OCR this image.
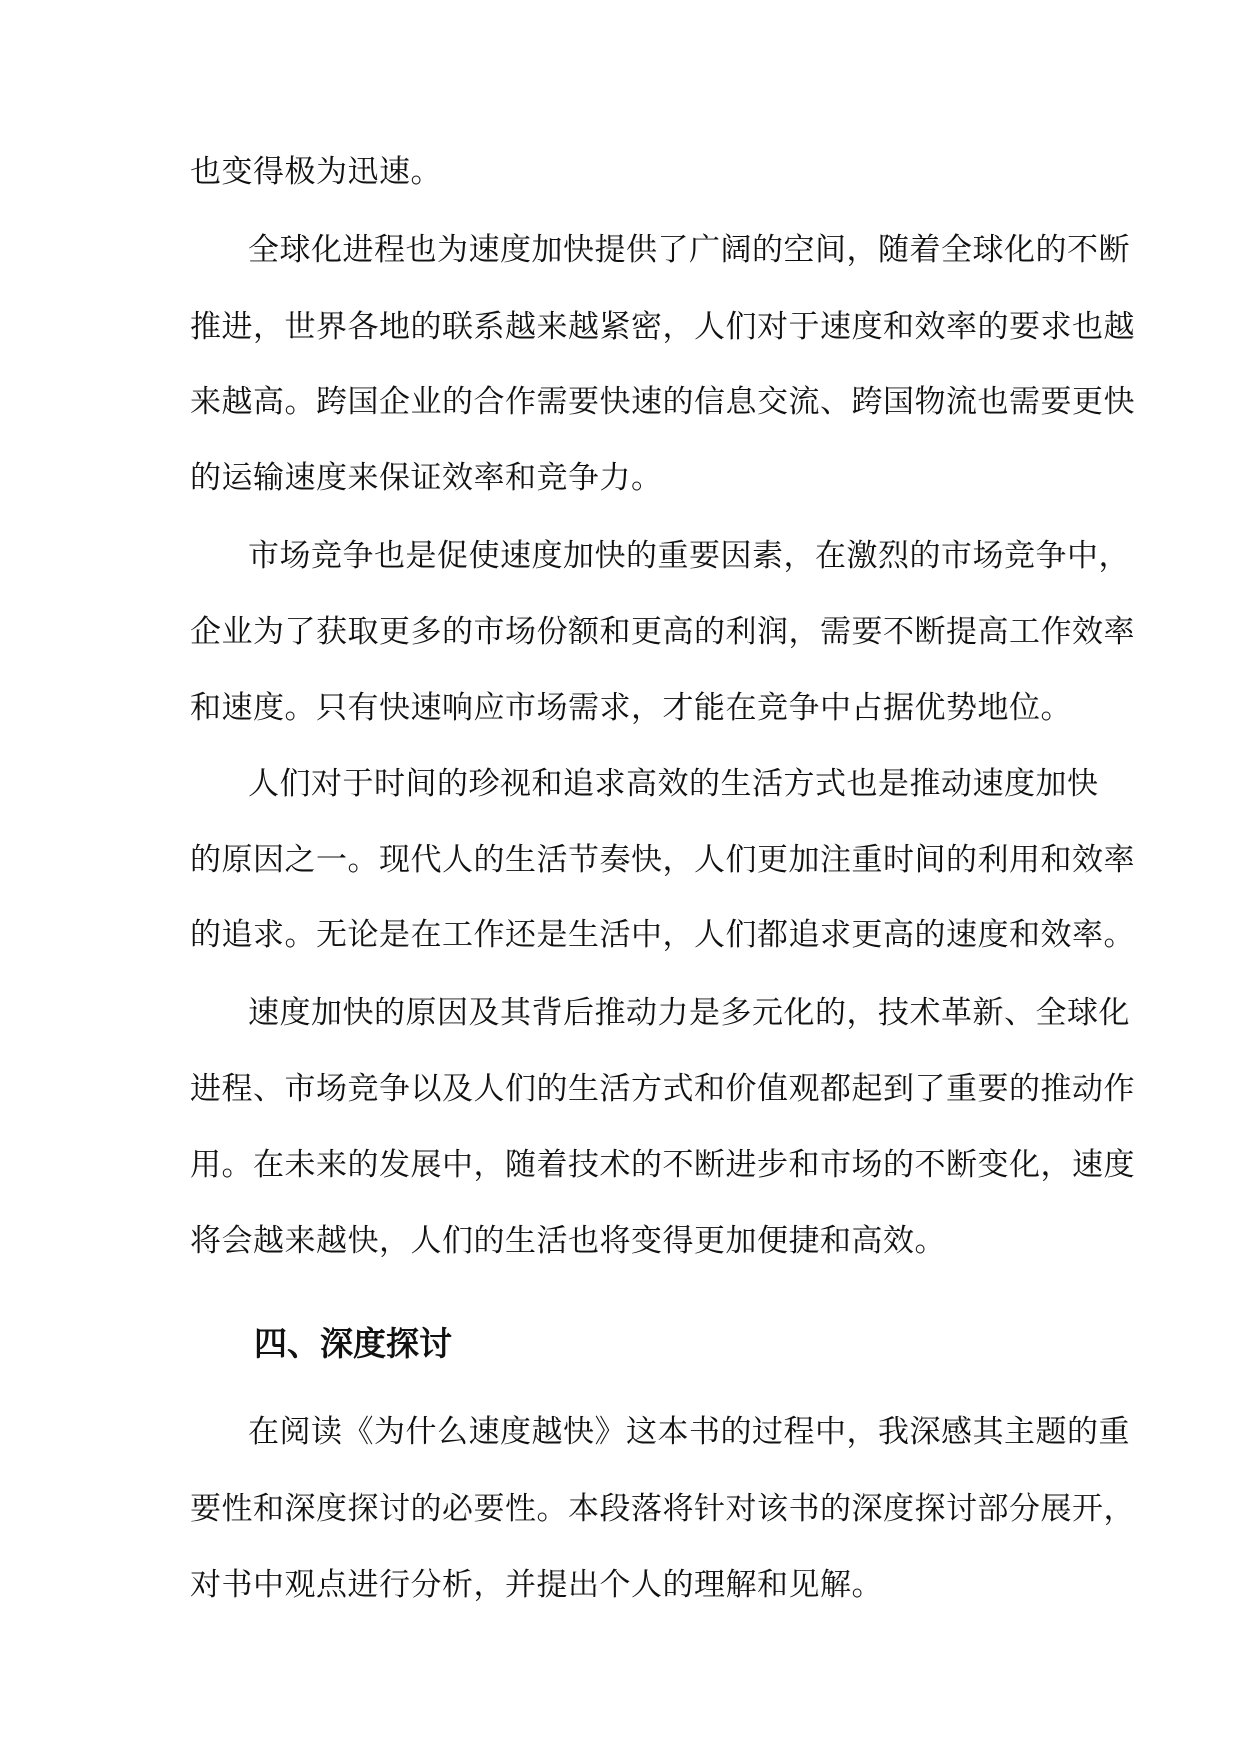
也变得极为迅速。
全球化进程也为速度加快提供了广阔的空间，随着全球化的不断
推进，世界各地的联系越来越紧密，人们对于速度和效率的要求也越
来越高。跨国企业的合作需要快速的信息交流、跨国物流也需要更快
的运输速度来保证效率和竞争力。
市场竞争也是促使速度加快的重要因素，在激烈的市场竞争中，
企业为了获取更多的市场份额和更高的利润，需要不断提高工作效率
和速度。只有快速响应市场需求，才能在竞争中占据优势地位。
人们对于时间的珍视和追求高效的生活方式也是推动速度加快
的原因之一。现代人的生活节奏快，人们更加注重时间的利用和效率
的追求。无论是在工作还是生活中，人们都追求更高的速度和效率。
速度加快的原因及其背后推动力是多元化的，技术革新、全球化
进程、市场竞争以及人们的生活方式和价值观都起到了重要的推动作
用。在未来的发展中，随着技术的不断进步和市场的不断变化，速度
将会越来越快，人们的生活也将变得更加便捷和高效。
四、深度探讨
在阅读《为什么速度越快》这本书的过程中，我深感其主题的重
要性和深度探讨的必要性。本段落将针对该书的深度探讨部分展开，
对书中观点进行分析，并提出个人的理解和见解。
